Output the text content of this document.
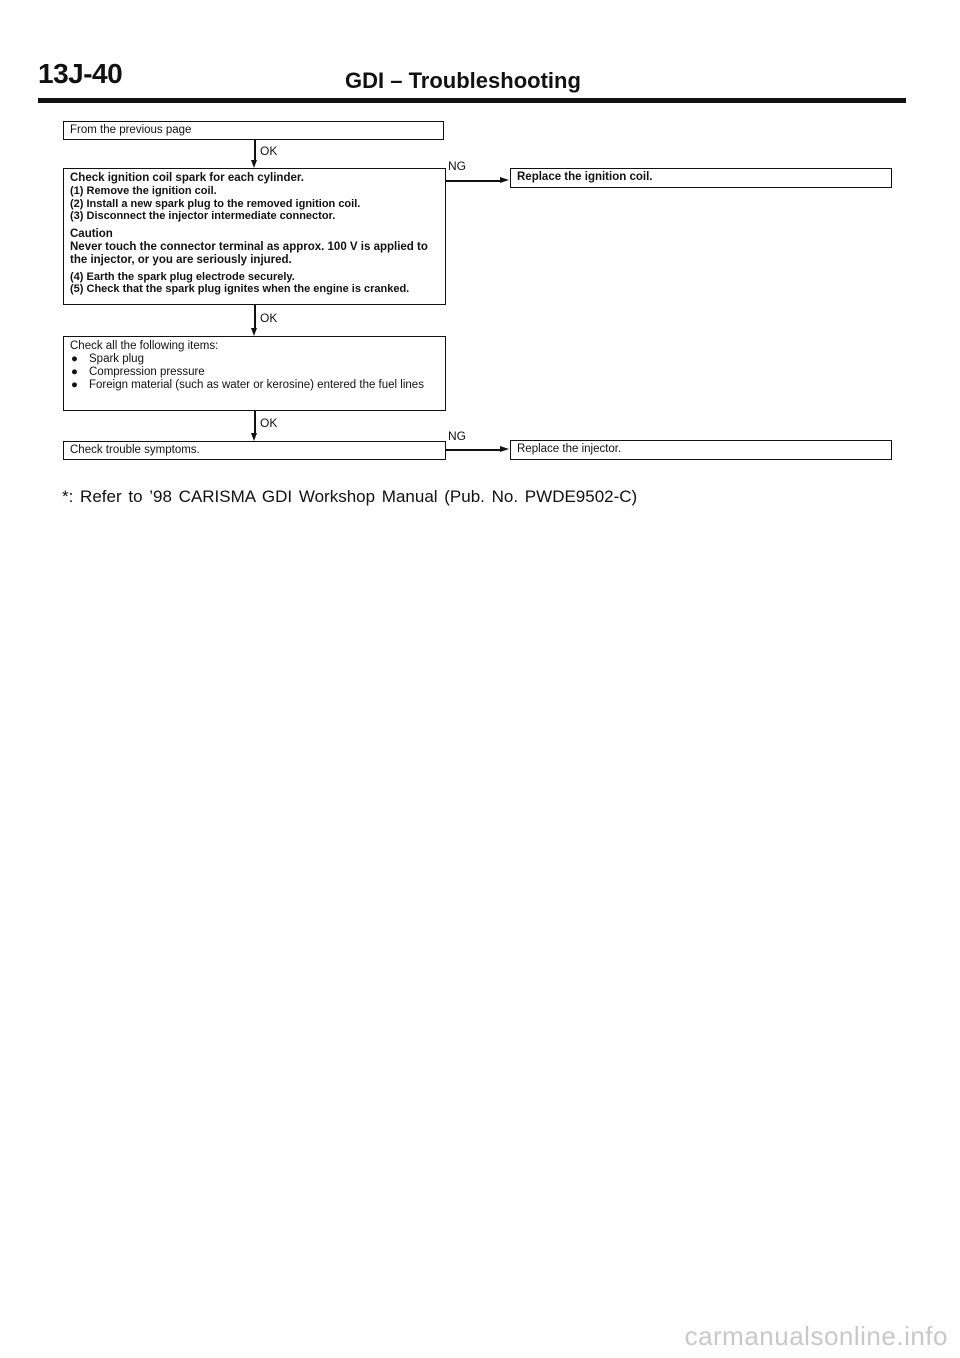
13J-40	GDI – Troubleshooting
From the previous page
OK
Check ignition coil spark for each cylinder.
(1) Remove the ignition coil.
(2) Install a new spark plug to the removed ignition coil.
(3) Disconnect the injector intermediate connector.
Caution
Never touch the connector terminal as approx. 100 V is applied to the injector, or you are seriously injured.
(4) Earth the spark plug electrode securely.
(5) Check that the spark plug ignites when the engine is cranked.
NG
Replace the ignition coil.
OK
Check all the following items:
● Spark plug
● Compression pressure
● Foreign material (such as water or kerosine) entered the fuel lines
OK
Check trouble symptoms.
NG
Replace the injector.
*: Refer to ’98 CARISMA GDI Workshop Manual (Pub. No. PWDE9502-C)
carmanualsonline.info
